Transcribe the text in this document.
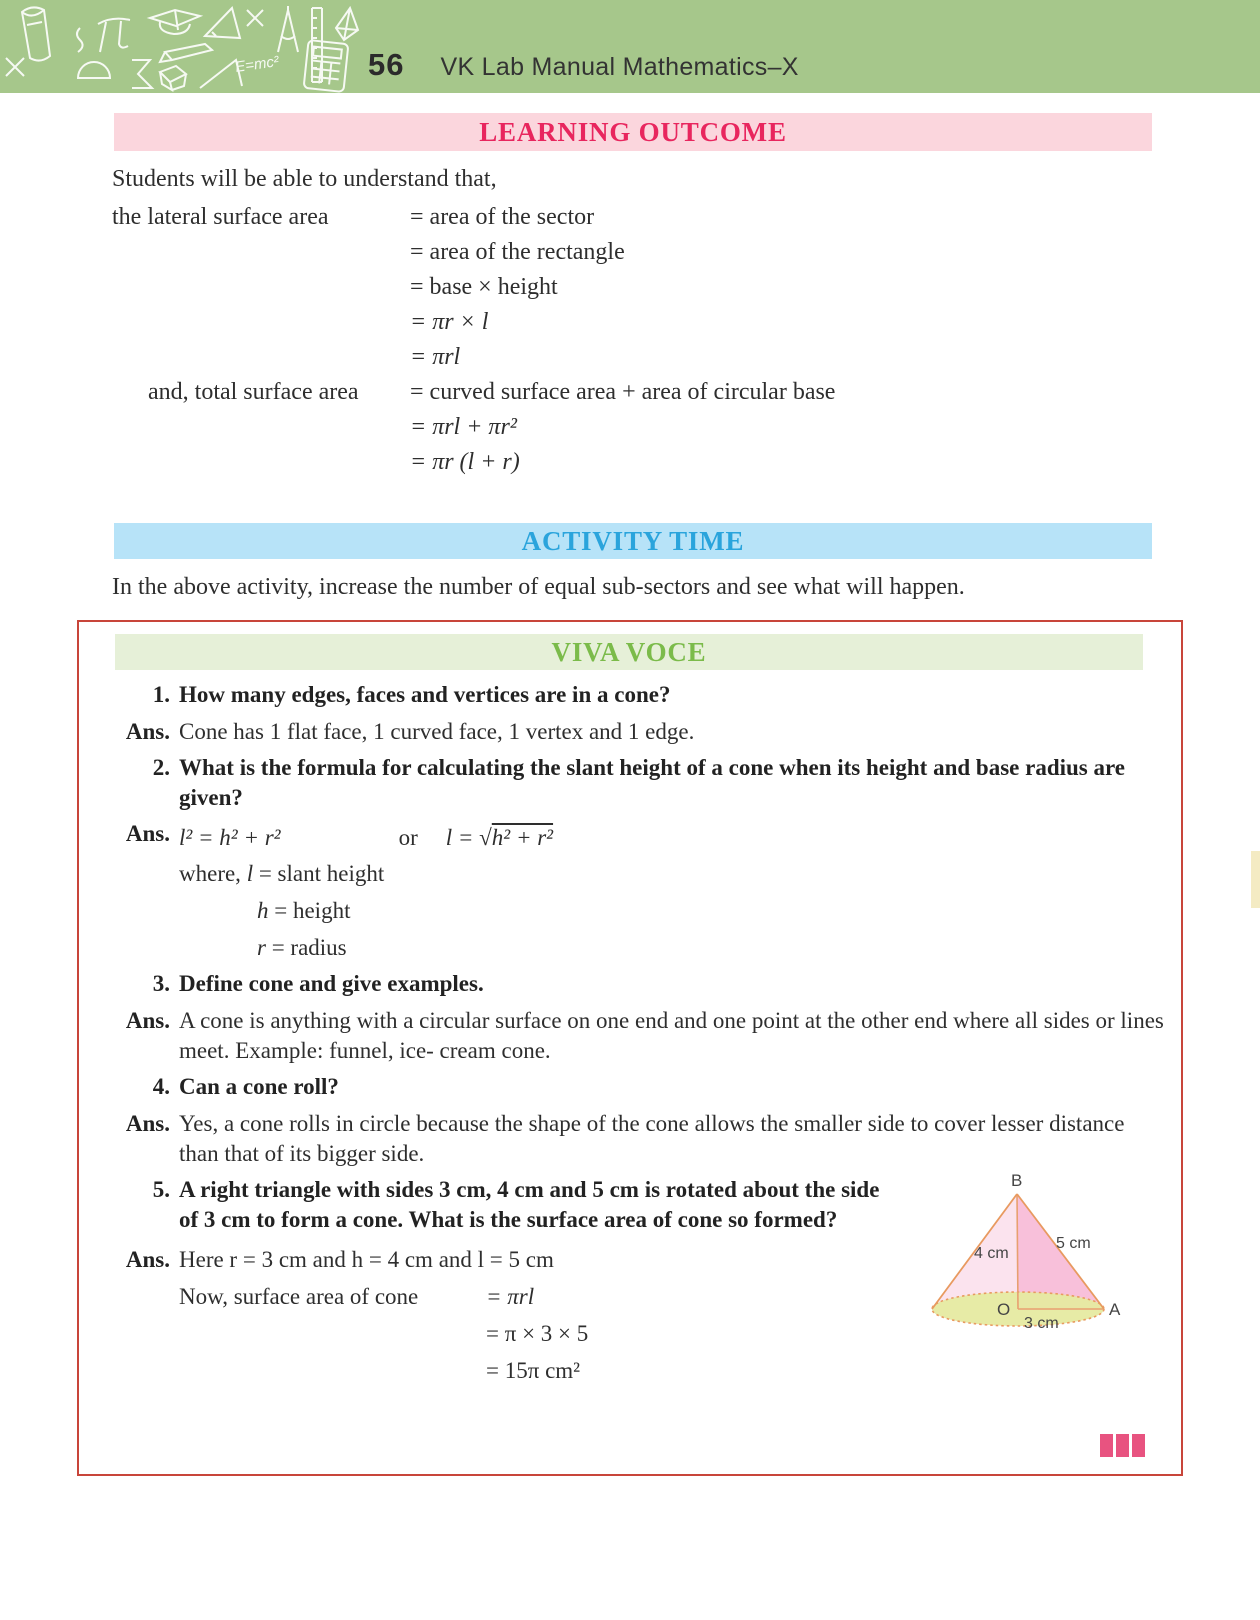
E=mc²	56 VK Lab Manual Mathematics–X
LEARNING OUTCOME

Students will be able to understand that,

the lateral surface area	= area of the sector
= area of the rectangle
= base × height
= πr × l
= πrl
and, total surface area	= curved surface area + area of circular base
= πrl + πr²
= πr (l + r)
ACTIVITY TIME

In the above activity, increase the number of equal sub-sectors and see what will happen.

VIVA VOCE
1. How many edges, faces and vertices are in a cone?
Ans. Cone has 1 flat face, 1 curved face, 1 vertex and 1 edge.
2. What is the formula for calculating the slant height of a cone when its height and base radius are given?
Ans. l² = h² + r²	or l = √ h² + r²
where, l = slant height
h = height
r = radius
3. Define cone and give examples.
Ans. A cone is anything with a circular surface on one end and one point at the other end where all sides or lines meet. Example: funnel, ice- cream cone.
4. Can a cone roll?
Ans. Yes, a cone rolls in circle because the shape of the cone allows the smaller side to cover lesser distance than that of its bigger side.
5. A right triangle with sides 3 cm, 4 cm and 5 cm is rotated about the side of 3 cm to form a cone. What is the surface area of cone so formed?
Ans. Here r = 3 cm and h = 4 cm and l = 5 cm
Now, surface area of cone	= πrl
= π × 3 × 5
= 15π cm²
B
4 cm
5 cm
O
3 cm
A
